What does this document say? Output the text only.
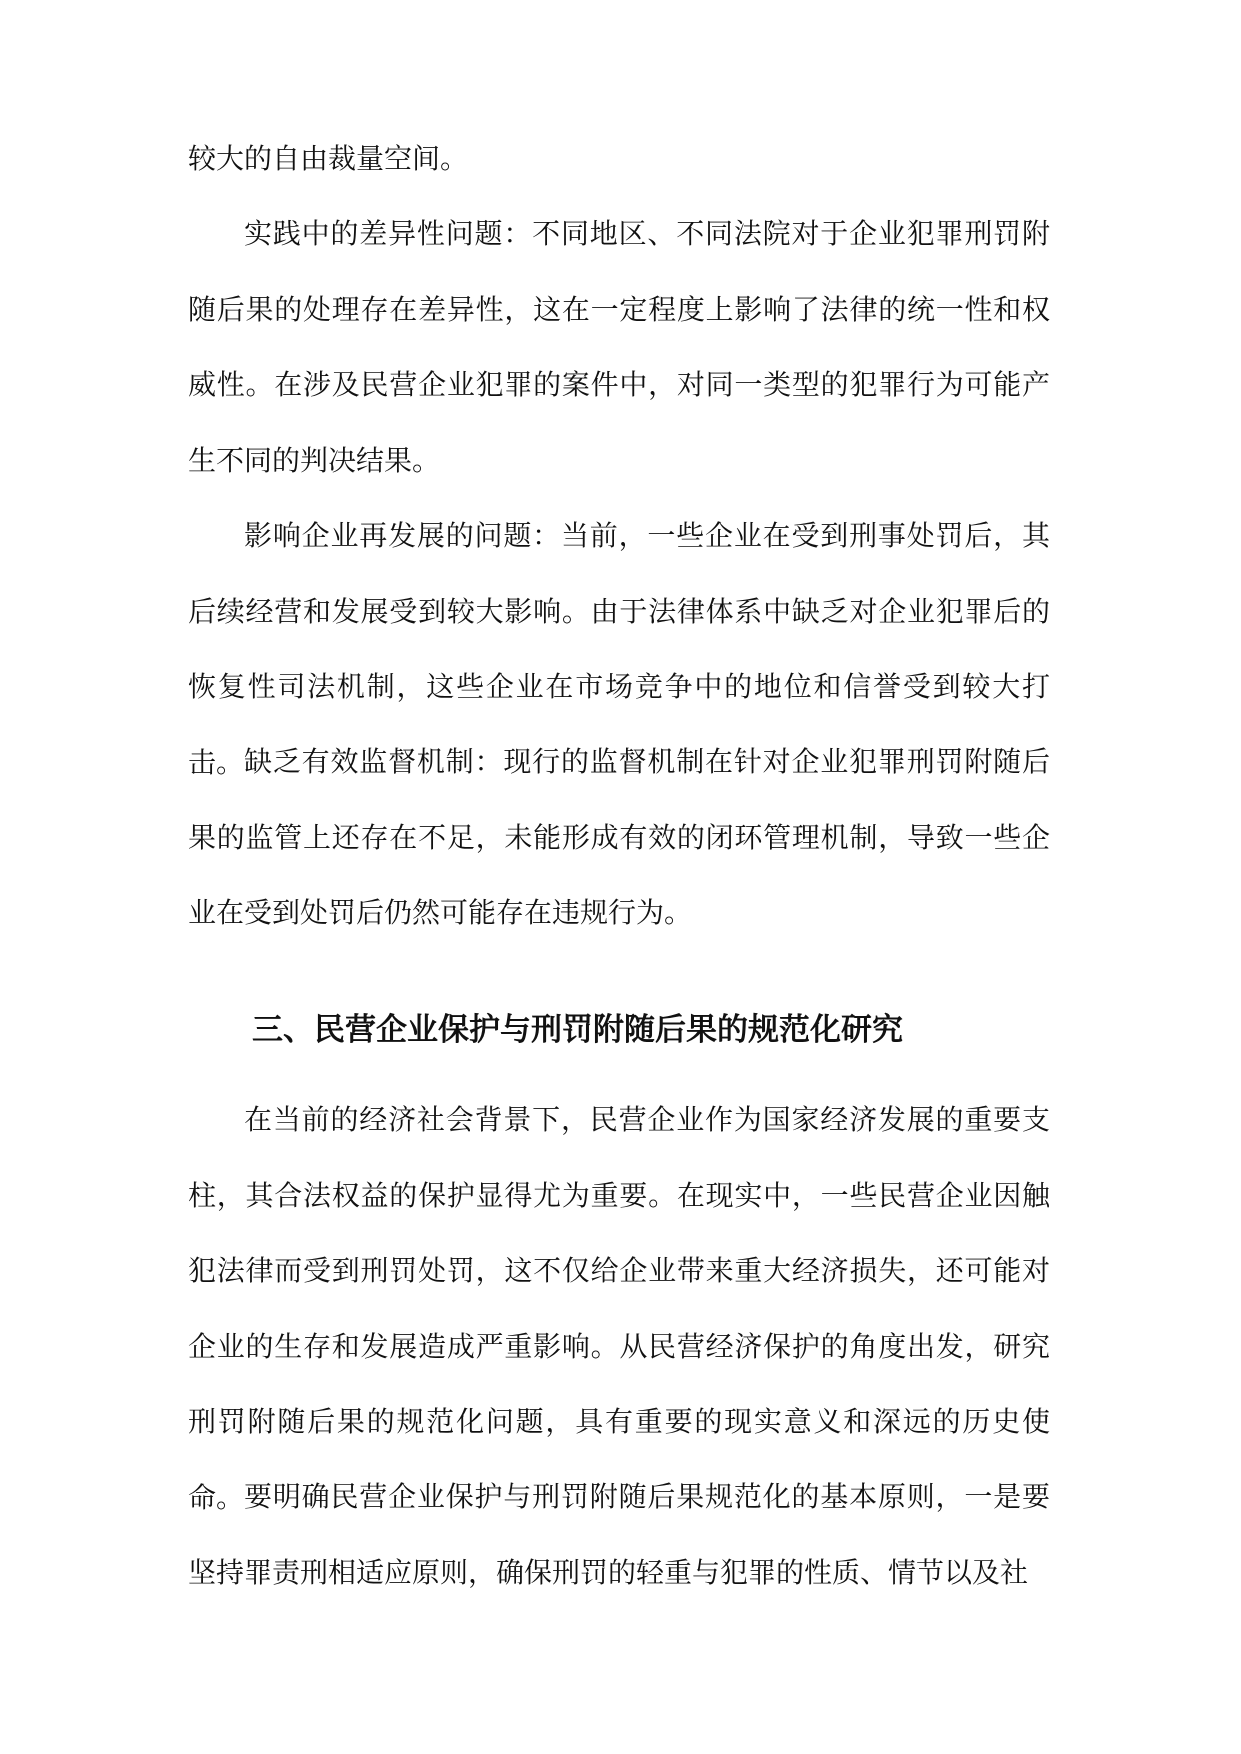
较大的自由裁量空间。

实践中的差异性问题：不同地区、不同法院对于企业犯罪刑罚附随后果的处理存在差异性，这在一定程度上影响了法律的统一性和权威性。在涉及民营企业犯罪的案件中，对同一类型的犯罪行为可能产生不同的判决结果。

影响企业再发展的问题：当前，一些企业在受到刑事处罚后，其后续经营和发展受到较大影响。由于法律体系中缺乏对企业犯罪后的恢复性司法机制，这些企业在市场竞争中的地位和信誉受到较大打击。 缺乏有效监督机制：现行的监督机制在针对企业犯罪刑罚附随后果的监管上还存在不足，未能形成有效的闭环管理机制，导致一些企业在受到处罚后仍然可能存在违规行为。

三、民营企业保护与刑罚附随后果的规范化研究

在当前的经济社会背景下，民营企业作为国家经济发展的重要支柱，其合法权益的保护显得尤为重要。在现实中，一些民营企业因触犯法律而受到刑罚处罚，这不仅给企业带来重大经济损失，还可能对企业的生存和发展造成严重影响。从民营经济保护的角度出发，研究刑罚附随后果的规范化问题，具有重要的现实意义和深远的历史使命。 要明确民营企业保护与刑罚附随后果规范化的基本原则，一是要坚持罪责刑相适应原则，确保刑罚的轻重与犯罪的性质、情节以及社
